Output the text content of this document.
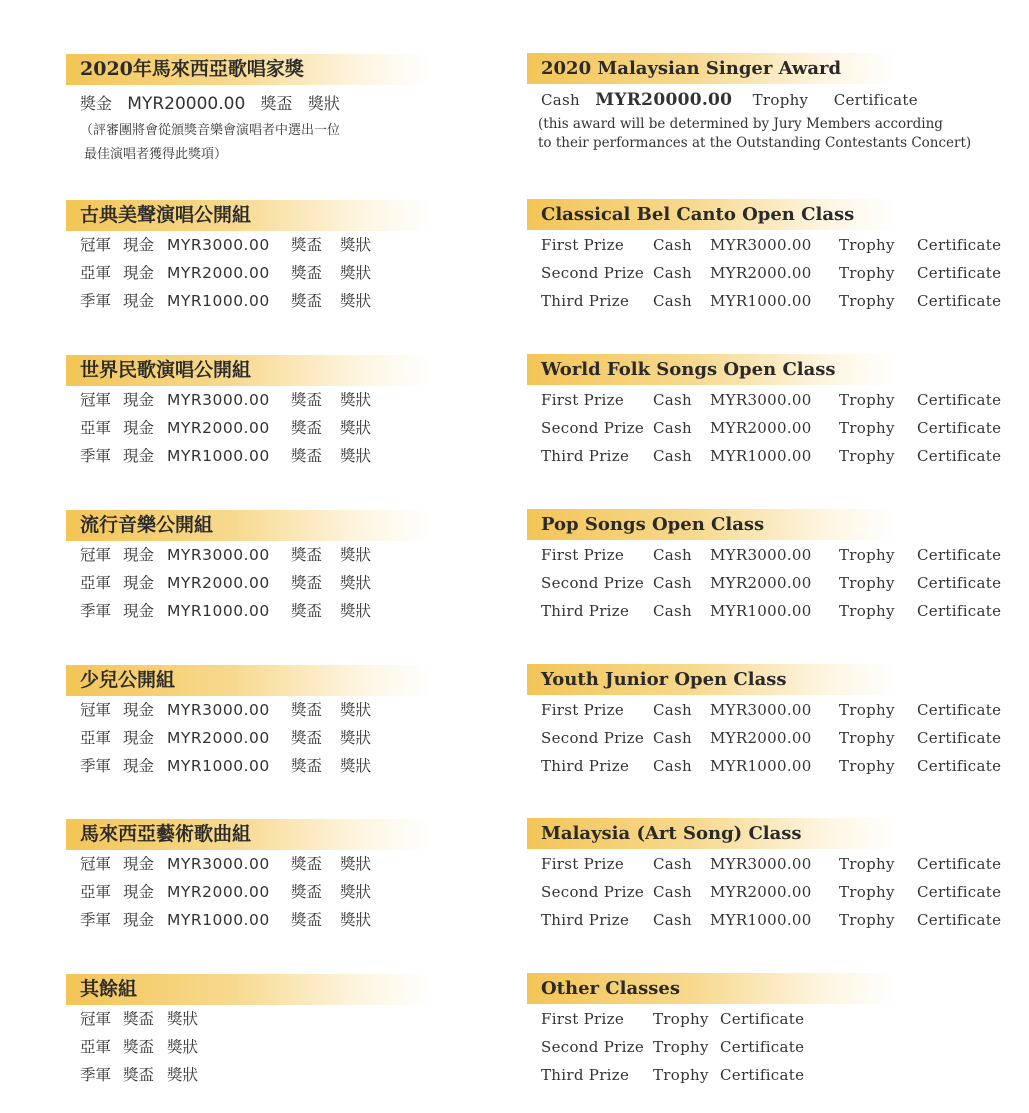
2020年馬來西亞歌唱家獎
獎金 MYR20000.00 獎盃 獎狀
（評審團將會從頒獎音樂會演唱者中選出一位
最佳演唱者獲得此獎項）
古典美聲演唱公開組
冠軍 現金 MYR3000.00 獎盃 獎狀
亞軍 現金 MYR2000.00 獎盃 獎狀
季軍 現金 MYR1000.00 獎盃 獎狀
世界民歌演唱公開組
冠軍 現金 MYR3000.00 獎盃 獎狀
亞軍 現金 MYR2000.00 獎盃 獎狀
季軍 現金 MYR1000.00 獎盃 獎狀
流行音樂公開組
冠軍 現金 MYR3000.00 獎盃 獎狀
亞軍 現金 MYR2000.00 獎盃 獎狀
季軍 現金 MYR1000.00 獎盃 獎狀
少兒公開組
冠軍 現金 MYR3000.00 獎盃 獎狀
亞軍 現金 MYR2000.00 獎盃 獎狀
季軍 現金 MYR1000.00 獎盃 獎狀
馬來西亞藝術歌曲組
冠軍 現金 MYR3000.00 獎盃 獎狀
亞軍 現金 MYR2000.00 獎盃 獎狀
季軍 現金 MYR1000.00 獎盃 獎狀
其餘組
冠軍 獎盃 獎狀
亞軍 獎盃 獎狀
季軍 獎盃 獎狀
2020 Malaysian Singer Award
Cash MYR20000.00 Trophy Certificate
(this award will be determined by Jury Members according
to their performances at the Outstanding Contestants Concert)
Classical Bel Canto Open Class
First Prize Cash MYR3000.00 Trophy Certificate
Second Prize Cash MYR2000.00 Trophy Certificate
Third Prize Cash MYR1000.00 Trophy Certificate
World Folk Songs Open Class
First Prize Cash MYR3000.00 Trophy Certificate
Second Prize Cash MYR2000.00 Trophy Certificate
Third Prize Cash MYR1000.00 Trophy Certificate
Pop Songs Open Class
First Prize Cash MYR3000.00 Trophy Certificate
Second Prize Cash MYR2000.00 Trophy Certificate
Third Prize Cash MYR1000.00 Trophy Certificate
Youth Junior Open Class
First Prize Cash MYR3000.00 Trophy Certificate
Second Prize Cash MYR2000.00 Trophy Certificate
Third Prize Cash MYR1000.00 Trophy Certificate
Malaysia (Art Song) Class
First Prize Cash MYR3000.00 Trophy Certificate
Second Prize Cash MYR2000.00 Trophy Certificate
Third Prize Cash MYR1000.00 Trophy Certificate
Other Classes
First Prize Trophy Certificate
Second Prize Trophy Certificate
Third Prize Trophy Certificate
